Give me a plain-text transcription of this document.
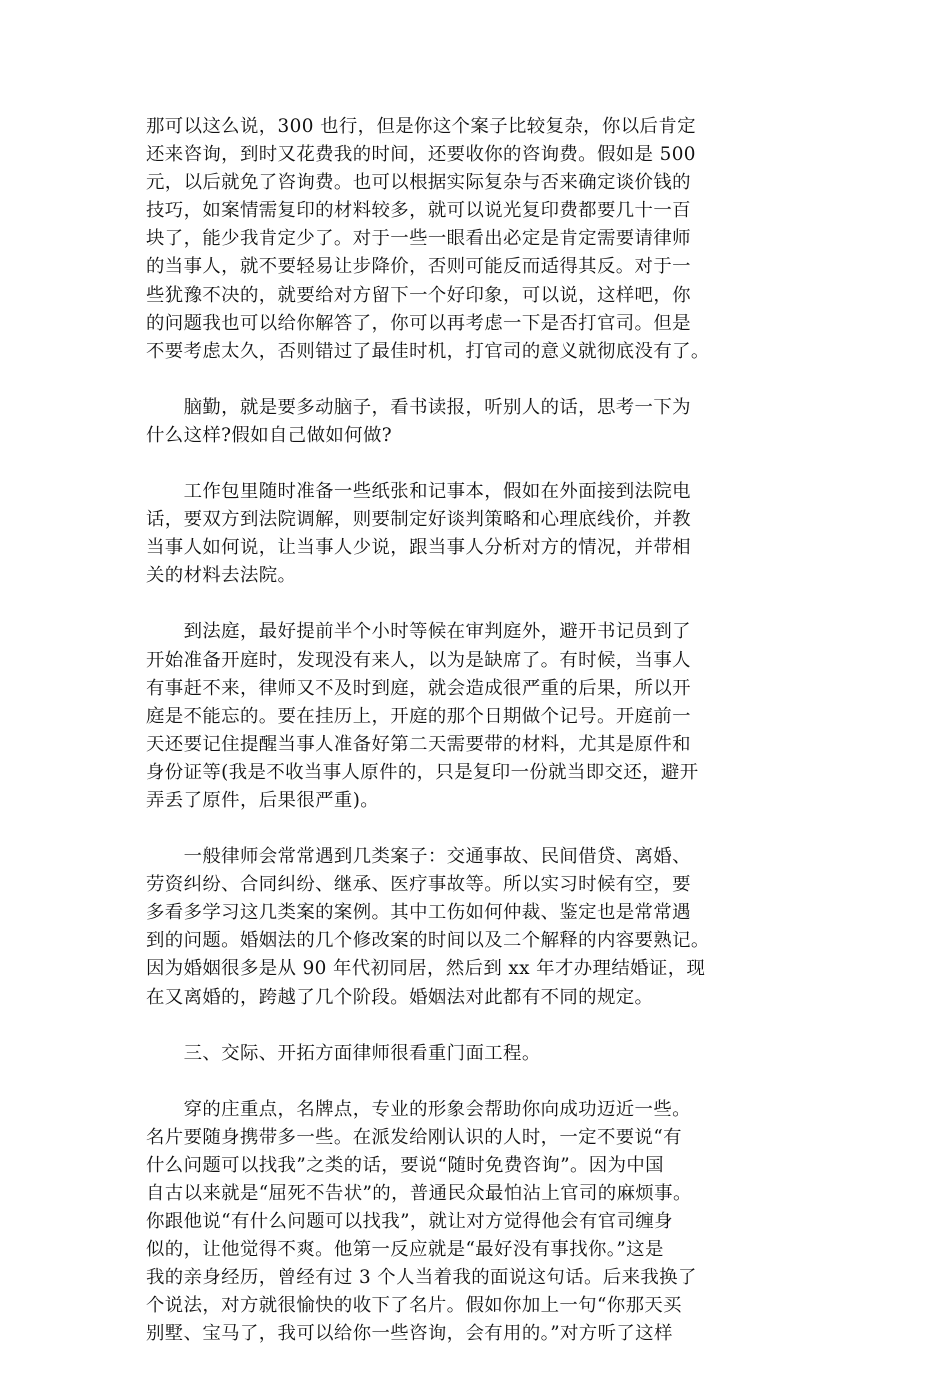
那可以这么说，300 也行，但是你这个案子比较复杂，你以后肯定
还来咨询，到时又花费我的时间，还要收你的咨询费。假如是 500
元，以后就免了咨询费。也可以根据实际复杂与否来确定谈价钱的
技巧，如案情需复印的材料较多，就可以说光复印费都要几十一百
块了，能少我肯定少了。对于一些一眼看出必定是肯定需要请律师
的当事人，就不要轻易让步降价，否则可能反而适得其反。对于一
些犹豫不决的，就要给对方留下一个好印象，可以说，这样吧，你
的问题我也可以给你解答了，你可以再考虑一下是否打官司。但是
不要考虑太久，否则错过了最佳时机，打官司的意义就彻底没有了。
　　脑勤，就是要多动脑子，看书读报，听别人的话，思考一下为
什么这样?假如自己做如何做?
　　工作包里随时准备一些纸张和记事本，假如在外面接到法院电
话，要双方到法院调解，则要制定好谈判策略和心理底线价，并教
当事人如何说，让当事人少说，跟当事人分析对方的情况，并带相
关的材料去法院。
　　到法庭，最好提前半个小时等候在审判庭外，避开书记员到了
开始准备开庭时，发现没有来人，以为是缺席了。有时候，当事人
有事赶不来，律师又不及时到庭，就会造成很严重的后果，所以开
庭是不能忘的。要在挂历上，开庭的那个日期做个记号。开庭前一
天还要记住提醒当事人准备好第二天需要带的材料，尤其是原件和
身份证等(我是不收当事人原件的，只是复印一份就当即交还，避开
弄丢了原件，后果很严重)。
　　一般律师会常常遇到几类案子：交通事故、民间借贷、离婚、
劳资纠纷、合同纠纷、继承、医疗事故等。所以实习时候有空，要
多看多学习这几类案的案例。其中工伤如何仲裁、鉴定也是常常遇
到的问题。婚姻法的几个修改案的时间以及二个解释的内容要熟记。
因为婚姻很多是从 90 年代初同居，然后到 xx 年才办理结婚证，现
在又离婚的，跨越了几个阶段。婚姻法对此都有不同的规定。
　　三、交际、开拓方面律师很看重门面工程。
　　穿的庄重点，名牌点，专业的形象会帮助你向成功迈近一些。
名片要随身携带多一些。在派发给刚认识的人时，一定不要说“有
什么问题可以找我”之类的话，要说“随时免费咨询”。因为中国
自古以来就是“屈死不告状”的，普通民众最怕沾上官司的麻烦事。
你跟他说“有什么问题可以找我”，就让对方觉得他会有官司缠身
似的，让他觉得不爽。他第一反应就是“最好没有事找你。”这是
我的亲身经历，曾经有过 3 个人当着我的面说这句话。后来我换了
个说法，对方就很愉快的收下了名片。假如你加上一句“你那天买
别墅、宝马了，我可以给你一些咨询，会有用的。”对方听了这样
